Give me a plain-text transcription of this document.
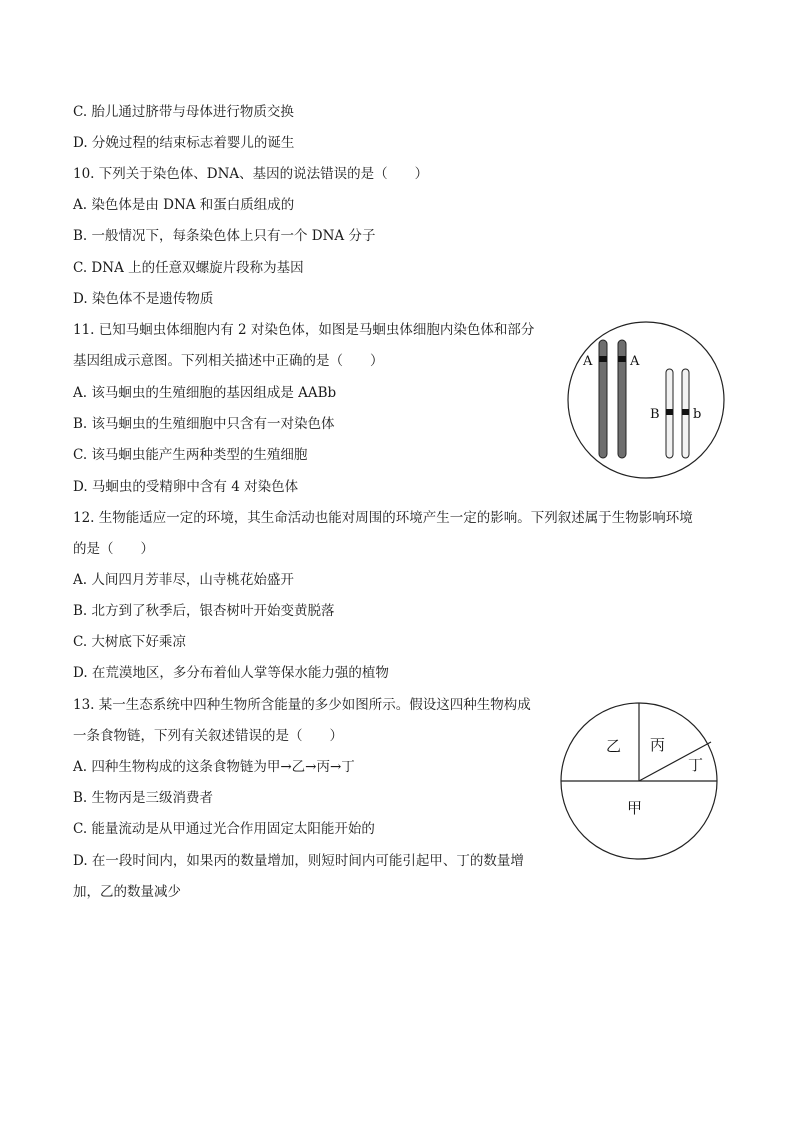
C. 胎儿通过脐带与母体进行物质交换
D. 分娩过程的结束标志着婴儿的诞生
10. 下列关于染色体、DNA、基因的说法错误的是（　　）
A. 染色体是由 DNA 和蛋白质组成的
B. 一般情况下，每条染色体上只有一个 DNA 分子
C. DNA 上的任意双螺旋片段称为基因
D. 染色体不是遗传物质
11. 已知马蛔虫体细胞内有 2 对染色体，如图是马蛔虫体细胞内染色体和部分
基因组成示意图。下列相关描述中正确的是（　　）
A. 该马蛔虫的生殖细胞的基因组成是 AABb
B. 该马蛔虫的生殖细胞中只含有一对染色体
C. 该马蛔虫能产生两种类型的生殖细胞
D. 马蛔虫的受精卵中含有 4 对染色体
12. 生物能适应一定的环境，其生命活动也能对周围的环境产生一定的影响。下列叙述属于生物影响环境
的是（　　）
A. 人间四月芳菲尽，山寺桃花始盛开
B. 北方到了秋季后，银杏树叶开始变黄脱落
C. 大树底下好乘凉
D. 在荒漠地区，多分布着仙人掌等保水能力强的植物
13. 某一生态系统中四种生物所含能量的多少如图所示。假设这四种生物构成
一条食物链，下列有关叙述错误的是（　　）
A. 四种生物构成的这条食物链为甲→乙→丙→丁
B. 生物丙是三级消费者
C. 能量流动是从甲通过光合作用固定太阳能开始的
D. 在一段时间内，如果丙的数量增加，则短时间内可能引起甲、丁的数量增
加，乙的数量减少
A	A
B	b
乙 丙
丁
甲
